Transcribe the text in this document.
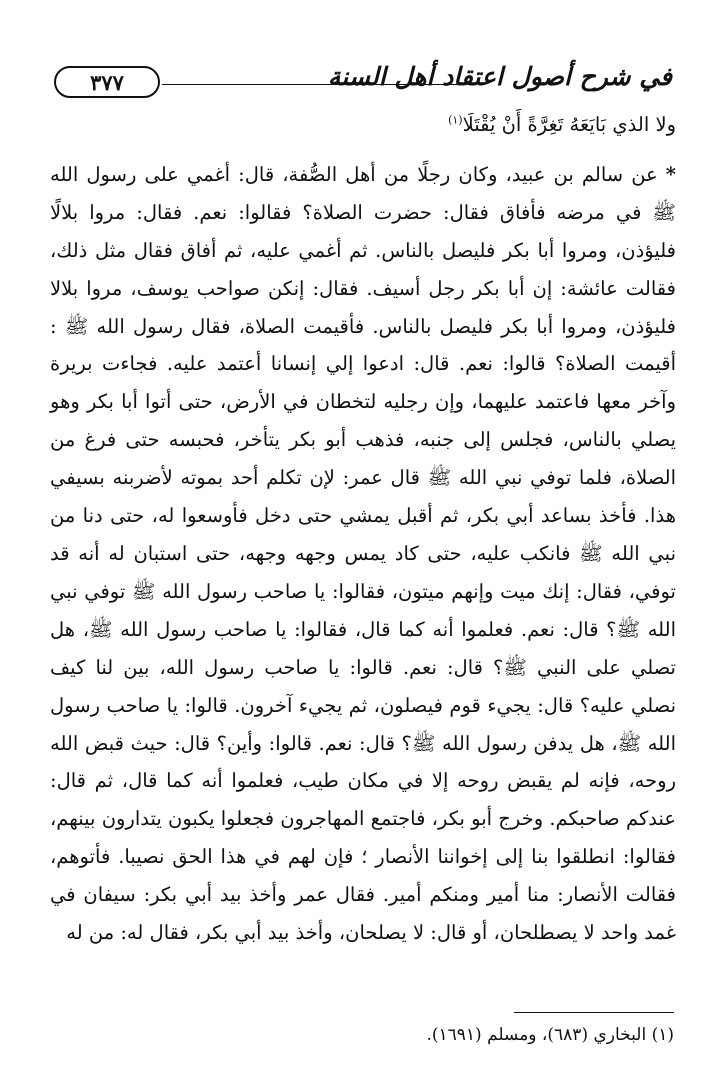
في شرح أصول اعتقاد أهل السنة
٣٧٧

ولا الذي بَايَعَهُ تَغِرَّةً أَنْ يُقْتَلَا$^{(١)}$

* عن سالم بن عبيد، وكان رجلًا من أهل الصُّفة، قال: أغمي على رسول الله ﷺ في مرضه فأفاق فقال: حضرت الصلاة؟ فقالوا: نعم. فقال: مروا بلالًا فليؤذن، ومروا أبا بكر فليصل بالناس. ثم أغمي عليه، ثم أفاق فقال مثل ذلك، فقالت عائشة: إن أبا بكر رجل أسيف. فقال: إنكن صواحب يوسف، مروا بلالا فليؤذن، ومروا أبا بكر فليصل بالناس. فأقيمت الصلاة، فقال رسول الله ﷺ : أقيمت الصلاة؟ قالوا: نعم. قال: ادعوا إلي إنسانا أعتمد عليه. فجاءت بريرة وآخر معها فاعتمد عليهما، وإن رجليه لتخطان في الأرض، حتى أتوا أبا بكر وهو يصلي بالناس، فجلس إلى جنبه، فذهب أبو بكر يتأخر، فحبسه حتى فرغ من الصلاة، فلما توفي نبي الله ﷺ قال عمر: لإن تكلم أحد بموته لأضربنه بسيفي هذا. فأخذ بساعد أبي بكر، ثم أقبل يمشي حتى دخل فأوسعوا له، حتى دنا من نبي الله ﷺ فانكب عليه، حتى كاد يمس وجهه وجهه، حتى استبان له أنه قد توفي، فقال: إنك ميت وإنهم ميتون، فقالوا: يا صاحب رسول الله ﷺ توفي نبي الله ﷺ؟ قال: نعم. فعلموا أنه كما قال، فقالوا: يا صاحب رسول الله ﷺ، هل تصلي على النبي ﷺ؟ قال: نعم. قالوا: يا صاحب رسول الله، بين لنا كيف نصلي عليه؟ قال: يجيء قوم فيصلون، ثم يجيء آخرون. قالوا: يا صاحب رسول الله ﷺ، هل يدفن رسول الله ﷺ؟ قال: نعم. قالوا: وأين؟ قال: حيث قبض الله روحه، فإنه لم يقبض روحه إلا في مكان طيب، فعلموا أنه كما قال، ثم قال: عندكم صاحبكم. وخرج أبو بكر، فاجتمع المهاجرون فجعلوا يكبون يتدارون بينهم، فقالوا: انطلقوا بنا إلى إخواننا الأنصار ؛ فإن لهم في هذا الحق نصيبا. فأتوهم، فقالت الأنصار: منا أمير ومنكم أمير. فقال عمر وأخذ بيد أبي بكر: سيفان في غمد واحد لا يصطلحان، أو قال: لا يصلحان، وأخذ بيد أبي بكر، فقال له: من له

(١) البخاري (٦٨٣)، ومسلم (١٦٩١).
